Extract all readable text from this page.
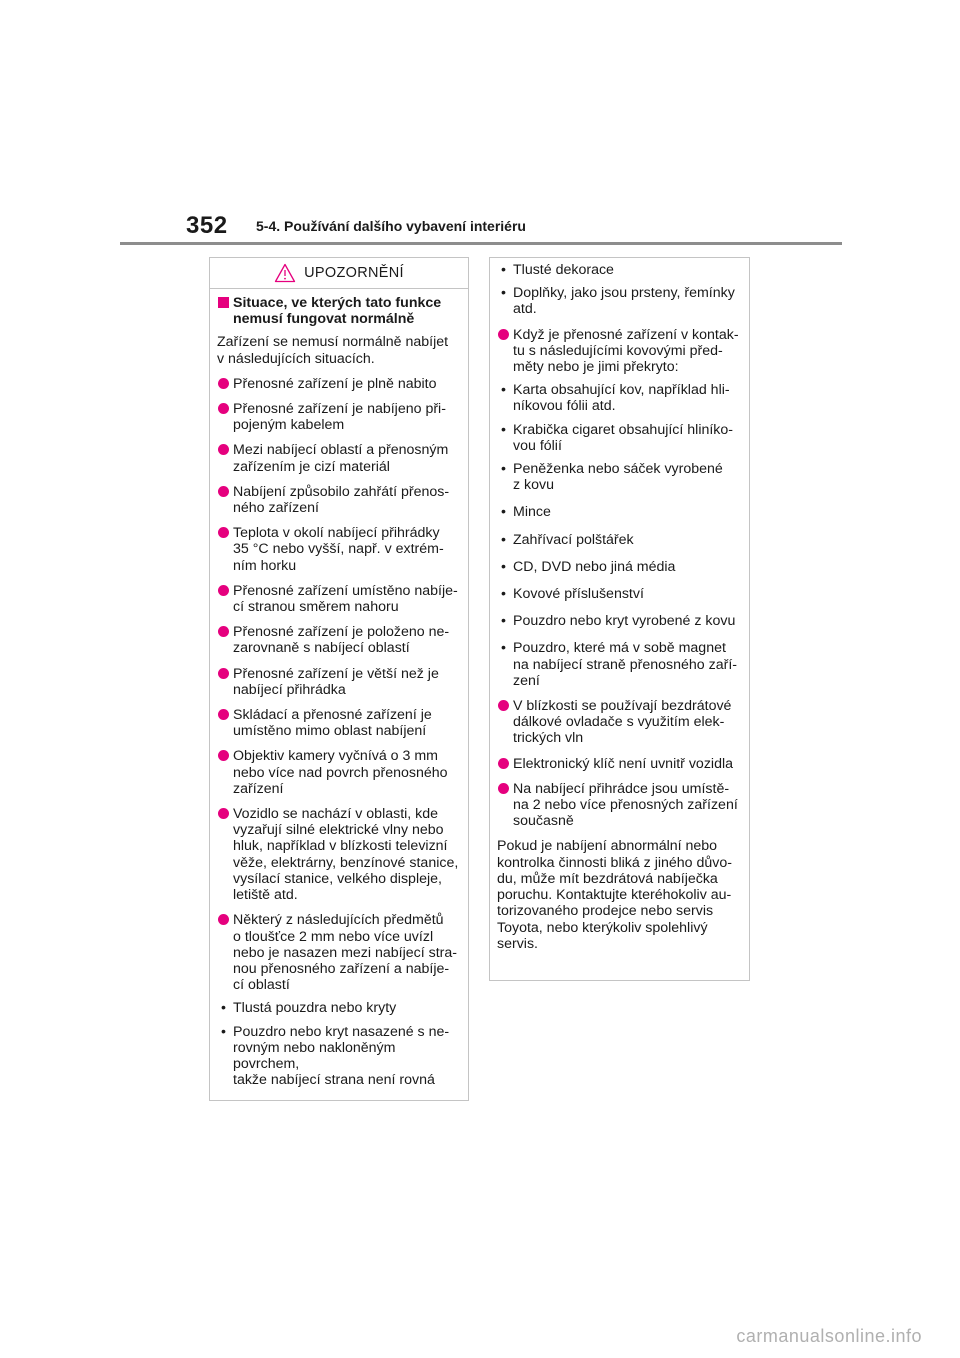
352 5-4. Používání dalšího vybavení interiéru
UPOZORNĚNÍ
Situace, ve kterých tato funkce
nemusí fungovat normálně
Zařízení se nemusí normálně nabíjet
v následujících situacích.
Přenosné zařízení je plně nabito
Přenosné zařízení je nabíjeno při-
pojeným kabelem
Mezi nabíjecí oblastí a přenosným
zařízením je cizí materiál
Nabíjení způsobilo zahřátí přenos-
ného zařízení
Teplota v okolí nabíjecí přihrádky
35 °C nebo vyšší, např. v extrém-
ním horku
Přenosné zařízení umístěno nabíje-
cí stranou směrem nahoru
Přenosné zařízení je položeno ne-
zarovnaně s nabíjecí oblastí
Přenosné zařízení je větší než je
nabíjecí přihrádka
Skládací a přenosné zařízení je
umístěno mimo oblast nabíjení
Objektiv kamery vyčnívá o 3 mm
nebo více nad povrch přenosného
zařízení
Vozidlo se nachází v oblasti, kde
vyzařují silné elektrické vlny nebo
hluk, například v blízkosti televizní
věže, elektrárny, benzínové stanice,
vysílací stanice, velkého displeje,
letiště atd.
Některý z následujících předmětů
o tloušťce 2 mm nebo více uvízl
nebo je nasazen mezi nabíjecí stra-
nou přenosného zařízení a nabíje-
cí oblastí
• Tlustá pouzdra nebo kryty
• Pouzdro nebo kryt nasazené s ne-
rovným nebo nakloněným povrchem,
takže nabíjecí strana není rovná
• Tlusté dekorace
• Doplňky, jako jsou prsteny, řemínky
atd.
Když je přenosné zařízení v kontak-
tu s následujícími kovovými před-
měty nebo je jimi překryto:
• Karta obsahující kov, například hli-
níkovou fólii atd.
• Krabička cigaret obsahující hliníko-
vou fólií
• Peněženka nebo sáček vyrobené
z kovu
• Mince
• Zahřívací polštářek
• CD, DVD nebo jiná média
• Kovové příslušenství
• Pouzdro nebo kryt vyrobené z kovu
• Pouzdro, které má v sobě magnet
na nabíjecí straně přenosného zaří-
zení
V blízkosti se používají bezdrátové
dálkové ovladače s využitím elek-
trických vln
Elektronický klíč není uvnitř vozidla
Na nabíjecí přihrádce jsou umístě-
na 2 nebo více přenosných zařízení
současně
Pokud je nabíjení abnormální nebo
kontrolka činnosti bliká z jiného důvo-
du, může mít bezdrátová nabíječka
poruchu. Kontaktujte kteréhokoliv au-
torizovaného prodejce nebo servis
Toyota, nebo kterýkoliv spolehlivý
servis.
carmanualsonline.info
